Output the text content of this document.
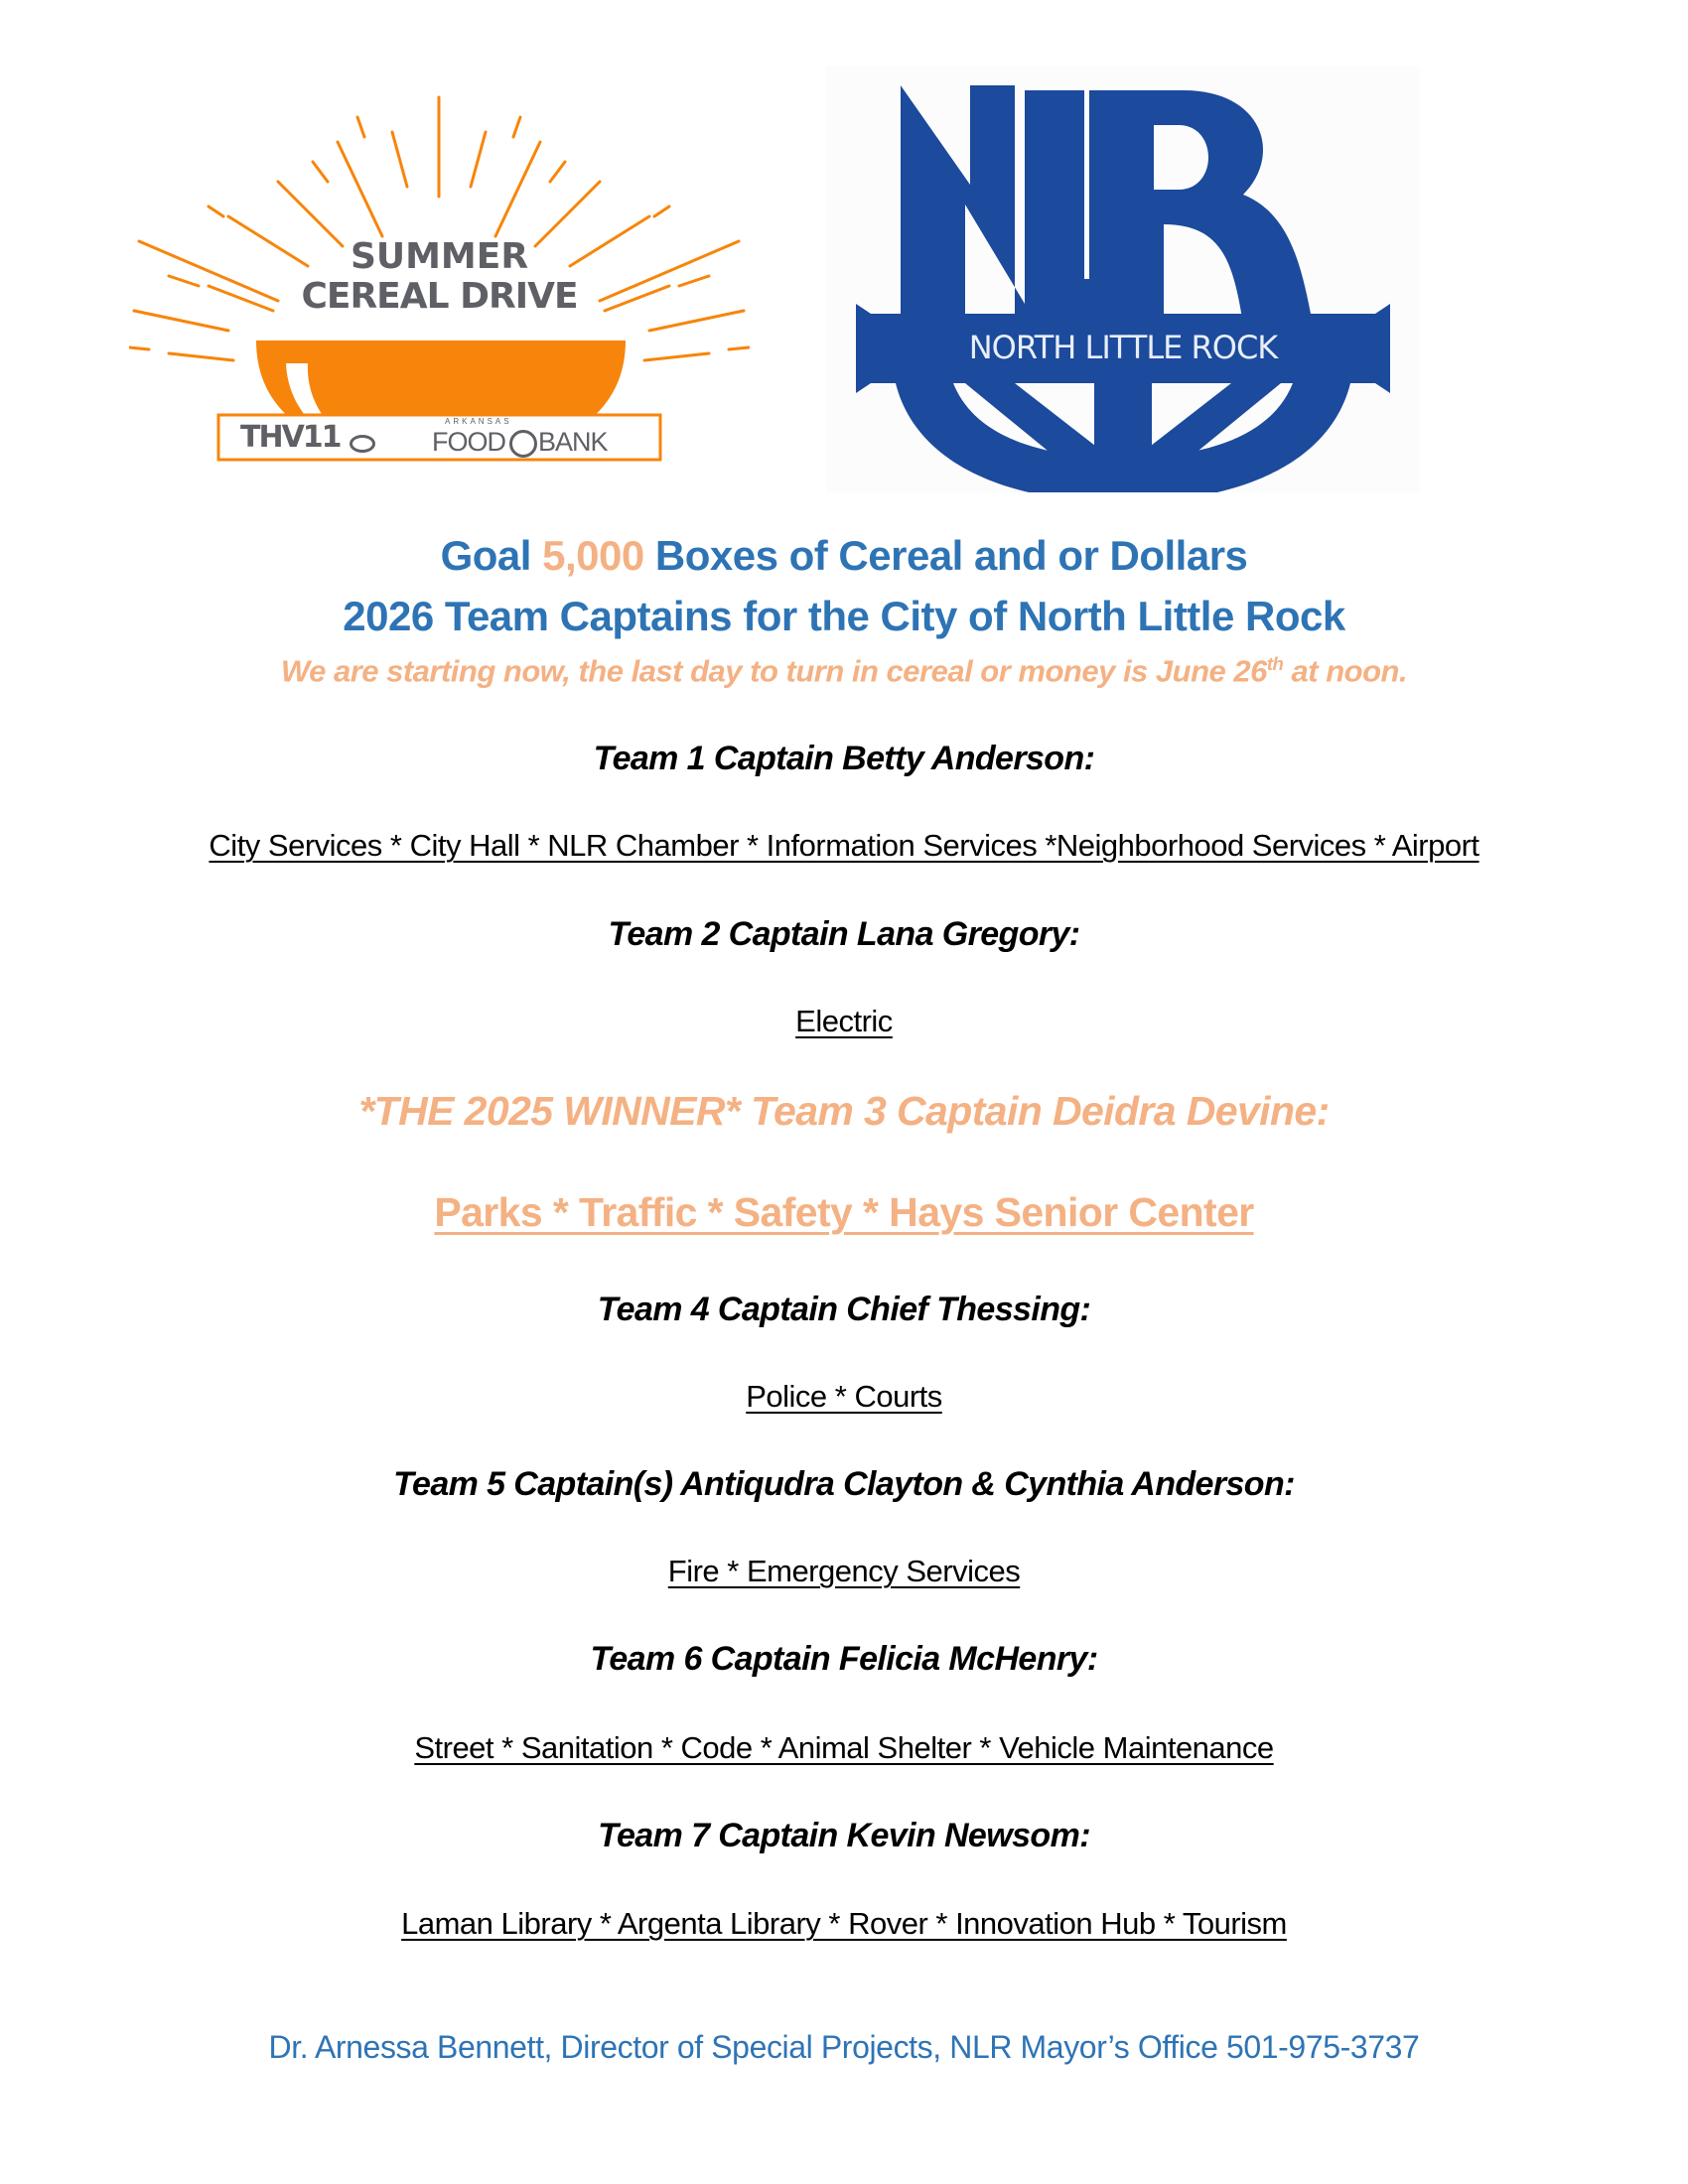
SUMMER
CEREAL DRIVE
THV11	ARKANSAS
FOOD BANK
NORTH LITTLE ROCK
Goal 5,000 Boxes of Cereal and or Dollars
2026 Team Captains for the City of North Little Rock
We are starting now, the last day to turn in cereal or money is June 26th at noon.
Team 1 Captain Betty Anderson:
City Services * City Hall * NLR Chamber * Information Services *Neighborhood Services * Airport
Team 2 Captain Lana Gregory:
Electric
*THE 2025 WINNER* Team 3 Captain Deidra Devine:
Parks * Traffic * Safety * Hays Senior Center
Team 4 Captain Chief Thessing:
Police * Courts
Team 5 Captain(s) Antiqudra Clayton & Cynthia Anderson:
Fire * Emergency Services
Team 6 Captain Felicia McHenry:
Street * Sanitation * Code * Animal Shelter * Vehicle Maintenance
Team 7 Captain Kevin Newsom:
Laman Library * Argenta Library * Rover * Innovation Hub * Tourism
Dr. Arnessa Bennett, Director of Special Projects, NLR Mayor’s Office 501-975-3737
